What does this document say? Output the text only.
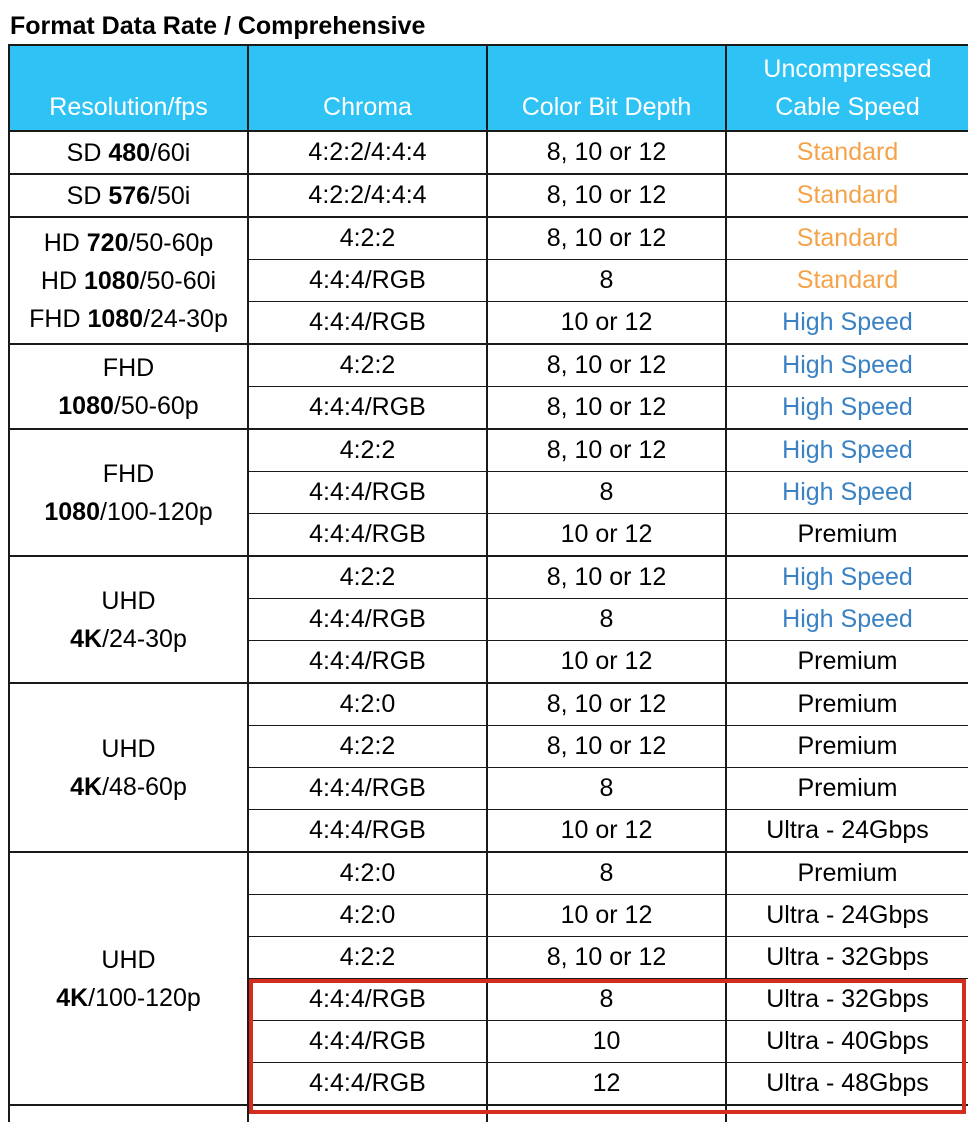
Format Data Rate / Comprehensive
Resolution/fps	Chroma	Color Bit Depth	Uncompressed
Cable Speed

SD 480/60i	4:2:2/4:4:4	8, 10 or 12	Standard

SD 576/50i	4:2:2/4:4:4	8, 10 or 12	Standard

HD 720/50-60p
HD 1080/50-60i
FHD 1080/24-30p	4:2:2	8, 10 or 12	Standard
	4:4:4/RGB	8	Standard
	4:4:4/RGB	10 or 12	High Speed

FHD
1080/50-60p	4:2:2	8, 10 or 12	High Speed
	4:4:4/RGB	8, 10 or 12	High Speed

FHD
1080/100-120p	4:2:2	8, 10 or 12	High Speed
	4:4:4/RGB	8	High Speed
	4:4:4/RGB	10 or 12	Premium

UHD
4K/24-30p	4:2:2	8, 10 or 12	High Speed
	4:4:4/RGB	8	High Speed
	4:4:4/RGB	10 or 12	Premium

UHD
4K/48-60p	4:2:0	8, 10 or 12	Premium
	4:2:2	8, 10 or 12	Premium
	4:4:4/RGB	8	Premium
	4:4:4/RGB	10 or 12	Ultra - 24Gbps

UHD
4K/100-120p	4:2:0	8	Premium
	4:2:0	10 or 12	Ultra - 24Gbps
	4:2:2	8, 10 or 12	Ultra - 32Gbps
	4:4:4/RGB	8	Ultra - 32Gbps
	4:4:4/RGB	10	Ultra - 40Gbps
	4:4:4/RGB	12	Ultra - 48Gbps
